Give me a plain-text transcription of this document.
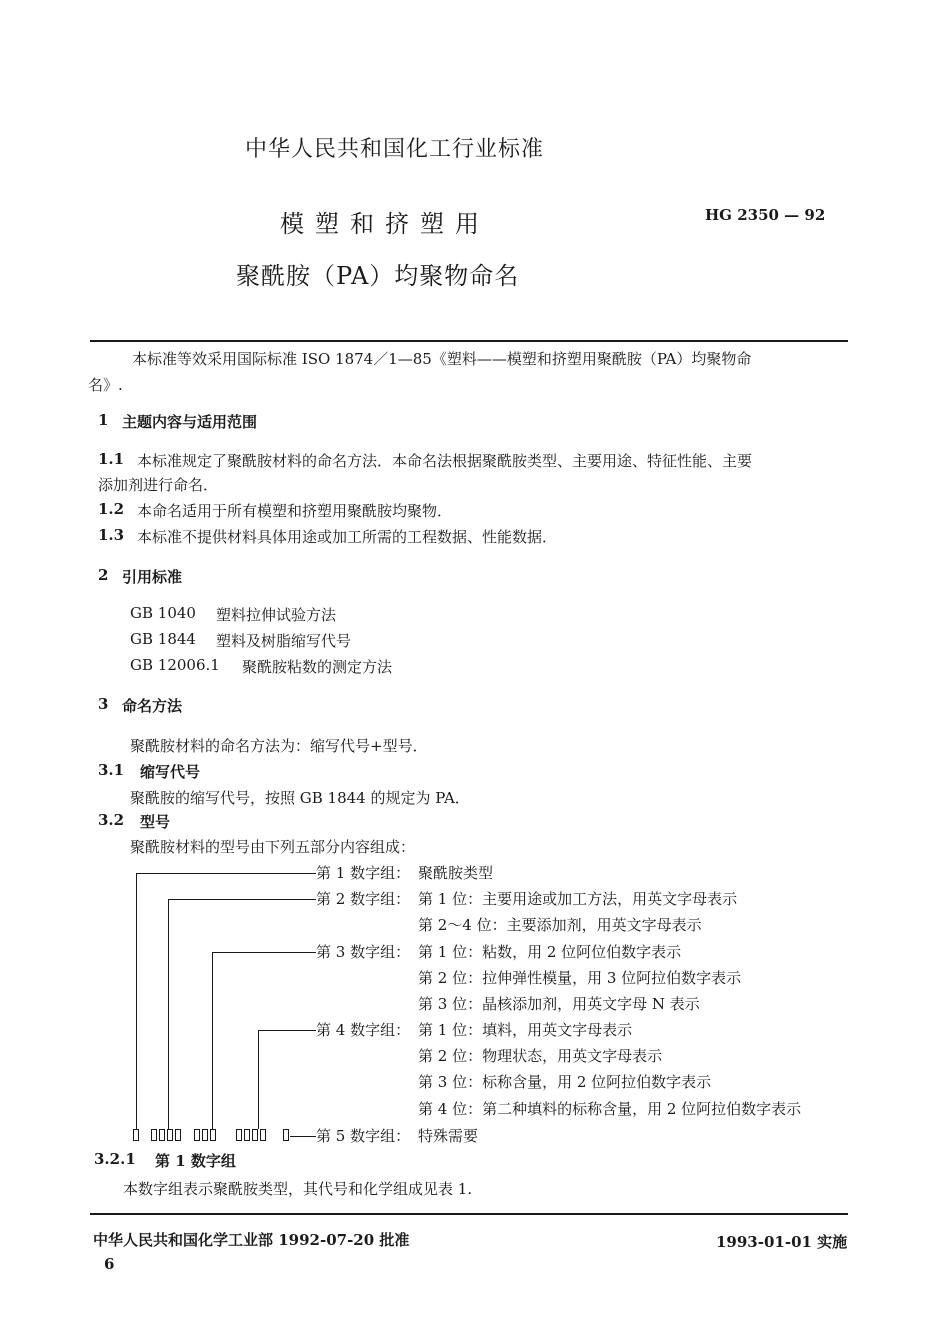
中华人民共和国化工行业标准
模塑和挤塑用	HG 2350 — 92
聚酰胺（PA）均聚物命名
本标准等效采用国际标准 ISO 1874／1—85《塑料——模塑和挤塑用聚酰胺（PA）均聚物命
名》.
1 主题内容与适用范围
1.1 本标准规定了聚酰胺材料的命名方法．本命名法根据聚酰胺类型、主要用途、特征性能、主要
添加剂进行命名．
1.2 本命名适用于所有模塑和挤塑用聚酰胺均聚物．
1.3 本标准不提供材料具体用途或加工所需的工程数据、性能数据．
2 引用标准
GB 1040 塑料拉伸试验方法
GB 1844 塑料及树脂缩写代号
GB 12006.1 聚酰胺粘数的测定方法
3 命名方法
聚酰胺材料的命名方法为：缩写代号+型号．
3.1 缩写代号
聚酰胺的缩写代号，按照 GB 1844 的规定为 PA．
3.2 型号
聚酰胺材料的型号由下列五部分内容组成：
第 1 数字组：
第 2 数字组：
第 3 数字组：
第 4 数字组：
第 5 数字组：
聚酰胺类型
第 1 位：主要用途或加工方法，用英文字母表示
第 2～4 位：主要添加剂，用英文字母表示
第 1 位：粘数，用 2 位阿位伯数字表示
第 2 位：拉伸弹性模量，用 3 位阿拉伯数字表示
第 3 位：晶核添加剂，用英文字母 N 表示
第 1 位：填料，用英文字母表示
第 2 位：物理状态，用英文字母表示
第 3 位：标称含量，用 2 位阿拉伯数字表示
第 4 位：第二种填料的标称含量，用 2 位阿拉伯数字表示
特殊需要
3.2.1 第 1 数字组
本数字组表示聚酰胺类型，其代号和化学组成见表 1.
中华人民共和国化学工业部 1992-07-20 批准	1993-01-01 实施
6
